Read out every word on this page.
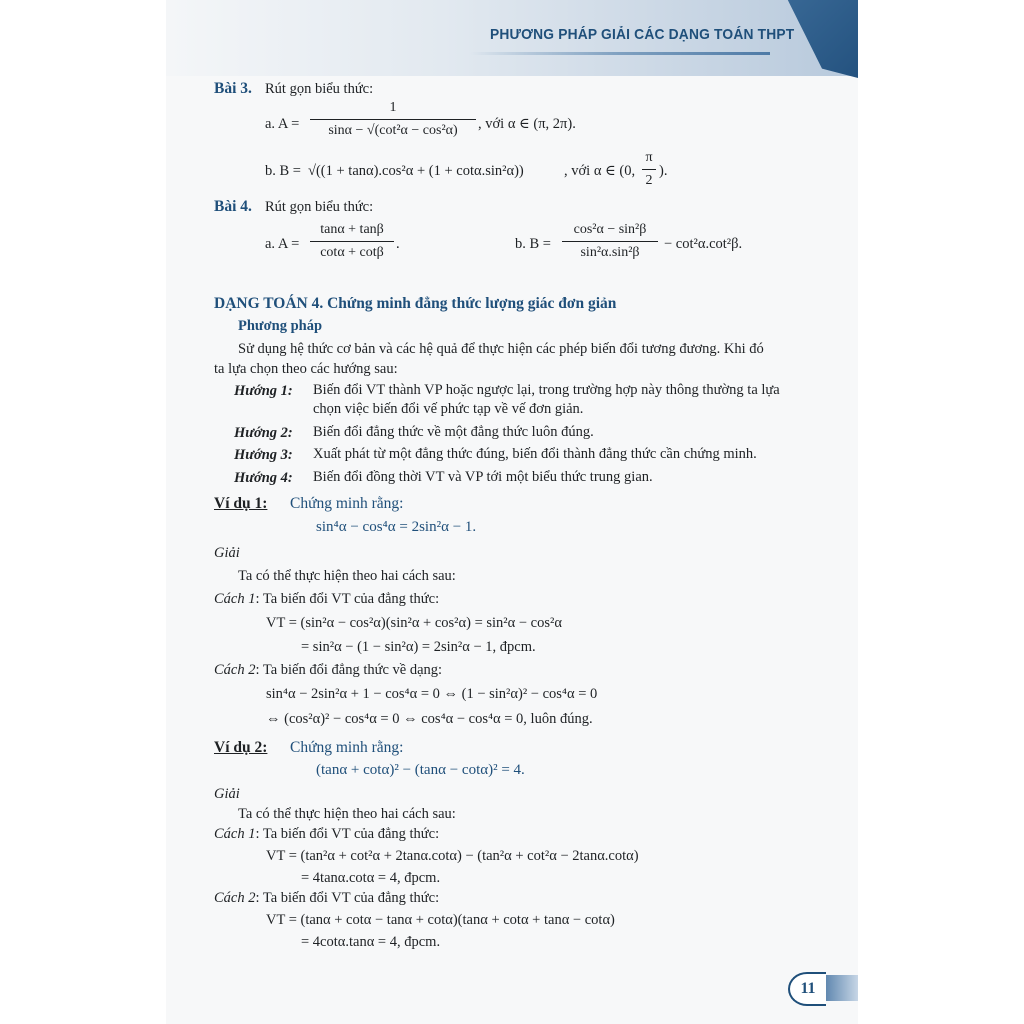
PHƯƠNG PHÁP GIẢI CÁC DẠNG TOÁN THPT
Bài 3. Rút gọn biểu thức:
a. A =
1
sinα − √(cot²α − cos²α)	, với α ∈ (π, 2π).
b. B = √((1 + tanα).cos²α + (1 + cotα.sin²α))	, với α ∈ (0,
π
2
).
Bài 4. Rút gọn biểu thức:
a. A =
tanα + tanβ
cotα + cotβ
.	b. B =
cos²α − sin²β
sin²α.sin²β
− cot²α.cot²β.
DẠNG TOÁN 4. Chứng minh đẳng thức lượng giác đơn giản
Phương pháp
Sử dụng hệ thức cơ bản và các hệ quả để thực hiện các phép biến đổi tương đương. Khi đó
ta lựa chọn theo các hướng sau:
Hướng 1: Biến đổi VT thành VP hoặc ngược lại, trong trường hợp này thông thường ta lựa
chọn việc biến đổi vế phức tạp về vế đơn giản.
Hướng 2: Biến đổi đẳng thức về một đẳng thức luôn đúng.
Hướng 3: Xuất phát từ một đẳng thức đúng, biến đổi thành đẳng thức cần chứng minh.
Hướng 4: Biến đổi đồng thời VT và VP tới một biểu thức trung gian.
Ví dụ 1: Chứng minh rằng:
sin⁴α − cos⁴α = 2sin²α − 1.
Giải
Ta có thể thực hiện theo hai cách sau:
Cách 1: Ta biến đổi VT của đẳng thức:
VT = (sin²α − cos²α)(sin²α + cos²α) = sin²α − cos²α
= sin²α − (1 − sin²α) = 2sin²α − 1, đpcm.
Cách 2: Ta biến đổi đẳng thức về dạng:
sin⁴α − 2sin²α + 1 − cos⁴α = 0 ⇔ (1 − sin²α)² − cos⁴α = 0
⇔ (cos²α)² − cos⁴α = 0 ⇔ cos⁴α − cos⁴α = 0, luôn đúng.
Ví dụ 2: Chứng minh rằng:
(tanα + cotα)² − (tanα − cotα)² = 4.
Giải
Ta có thể thực hiện theo hai cách sau:
Cách 1: Ta biến đổi VT của đẳng thức:
VT = (tan²α + cot²α + 2tanα.cotα) − (tan²α + cot²α − 2tanα.cotα)
= 4tanα.cotα = 4, đpcm.
Cách 2: Ta biến đổi VT của đẳng thức:
VT = (tanα + cotα − tanα + cotα)(tanα + cotα + tanα − cotα)
= 4cotα.tanα = 4, đpcm.
11
